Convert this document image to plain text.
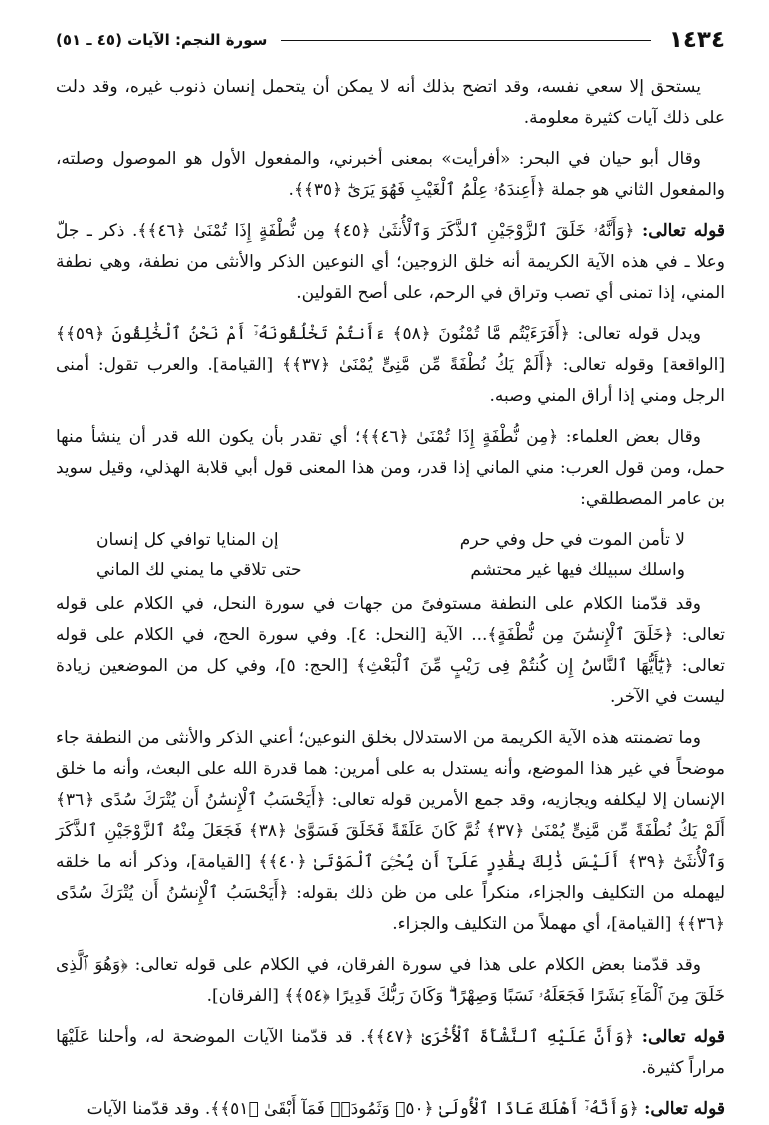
١٤٣٤
سورة النجم: الآيات (٤٥ ـ ٥١)

يستحق إلا سعي نفسه، وقد اتضح بذلك أنه لا يمكن أن يتحمل إنسان ذنوب غيره، وقد دلت على ذلك آيات كثيرة معلومة.

وقال أبو حيان في البحر: «أفرأيت» بمعنى أخبرني، والمفعول الأول هو الموصول وصلته، والمفعول الثاني هو جملة ﴿أَعِندَهُۥ عِلْمُ ٱلْغَيْبِ فَهُوَ يَرَىٰٓ ﴿٣٥﴾﴾.

قوله تعالى: ﴿وَأَنَّهُۥ خَلَقَ ٱلزَّوْجَيْنِ ٱلذَّكَرَ وَٱلْأُنثَىٰ ﴿٤٥﴾ مِن نُّطْفَةٍ إِذَا تُمْنَىٰ ﴿٤٦﴾﴾. ذكر ـ جلّ وعلا ـ في هذه الآية الكريمة أنه خلق الزوجين؛ أي النوعين الذكر والأنثى من نطفة، وهي نطفة المني، إذا تمنى أي تصب وتراق في الرحم، على أصح القولين.

ويدل قوله تعالى: ﴿أَفَرَءَيْتُم مَّا تُمْنُونَ ﴿٥٨﴾ ءَأَنتُمْ تَخْلُقُونَهُۥٓ أَمْ نَحْنُ ٱلْخَٰلِقُونَ ﴿٥٩﴾﴾ [الواقعة] وقوله تعالى: ﴿أَلَمْ يَكُ نُطْفَةً مِّن مَّنِىٍّ يُمْنَىٰ ﴿٣٧﴾﴾ [القيامة]. والعرب تقول: أمنى الرجل ومني إذا أراق المني وصبه.

وقال بعض العلماء: ﴿مِن نُّطْفَةٍ إِذَا تُمْنَىٰ ﴿٤٦﴾﴾؛ أي تقدر بأن يكون الله قدر أن ينشأ منها حمل، ومن قول العرب: مني الماني إذا قدر، ومن هذا المعنى قول أبي قلابة الهذلي، وقيل سويد بن عامر المصطلقي:

لا تأمن الموت في حل وفي حرم
إن المنايا توافي كل إنسان
واسلك سبيلك فيها غير محتشم
حتى تلاقي ما يمني لك الماني

وقد قدّمنا الكلام على النطفة مستوفىً من جهات في سورة النحل، في الكلام على قوله تعالى: ﴿خَلَقَ ٱلْإِنسَٰنَ مِن نُّطْفَةٍ﴾... الآية [النحل: ٤]. وفي سورة الحج، في الكلام على قوله تعالى: ﴿يَٰٓأَيُّهَا ٱلنَّاسُ إِن كُنتُمْ فِى رَيْبٍ مِّنَ ٱلْبَعْثِ﴾ [الحج: ٥]، وفي كل من الموضعين زيادة ليست في الآخر.

وما تضمنته هذه الآية الكريمة من الاستدلال بخلق النوعين؛ أعني الذكر والأنثى من النطفة جاء موضحاً في غير هذا الموضع، وأنه يستدل به على أمرين: هما قدرة الله على البعث، وأنه ما خلق الإنسان إلا ليكلفه ويجازيه، وقد جمع الأمرين قوله تعالى: ﴿أَيَحْسَبُ ٱلْإِنسَٰنُ أَن يُتْرَكَ سُدًى ﴿٣٦﴾ أَلَمْ يَكُ نُطْفَةً مِّن مَّنِىٍّ يُمْنَىٰ ﴿٣٧﴾ ثُمَّ كَانَ عَلَقَةً فَخَلَقَ فَسَوَّىٰ ﴿٣٨﴾ فَجَعَلَ مِنْهُ ٱلزَّوْجَيْنِ ٱلذَّكَرَ وَٱلْأُنثَىٰٓ ﴿٣٩﴾ أَلَيْسَ ذَٰلِكَ بِقَٰدِرٍ عَلَىٰٓ أَن يُحْـِۧىَ ٱلْمَوْتَىٰ ﴿٤٠﴾﴾ [القيامة]، وذكر أنه ما خلقه ليهمله من التكليف والجزاء، منكراً على من ظن ذلك بقوله: ﴿أَيَحْسَبُ ٱلْإِنسَٰنُ أَن يُتْرَكَ سُدًى ﴿٣٦﴾﴾ [القيامة]، أي مهملاً من التكليف والجزاء.

وقد قدّمنا بعض الكلام على هذا في سورة الفرقان، في الكلام على قوله تعالى: ﴿وَهُوَ ٱلَّذِى خَلَقَ مِنَ ٱلْمَآءِ بَشَرًا فَجَعَلَهُۥ نَسَبًا وَصِهْرًا ۗ وَكَانَ رَبُّكَ قَدِيرًا ﴿٥٤﴾﴾ [الفرقان].

قوله تعالى: ﴿وَأَنَّ عَلَيْهِ ٱلنَّشْأَةَ ٱلْأُخْرَىٰ ﴿٤٧﴾﴾. قد قدّمنا الآيات الموضحة له، وأحلنا عَلَيْهَا مراراً كثيرة.

قوله تعالى: ﴿وَأَنَّهُۥٓ أَهْلَكَ عَادًا ٱلْأُولَىٰ ﴿٥٠﴾ وَثَمُودَا۟ فَمَآ أَبْقَىٰ ﴿٥١﴾﴾. وقد قدّمنا الآيات
